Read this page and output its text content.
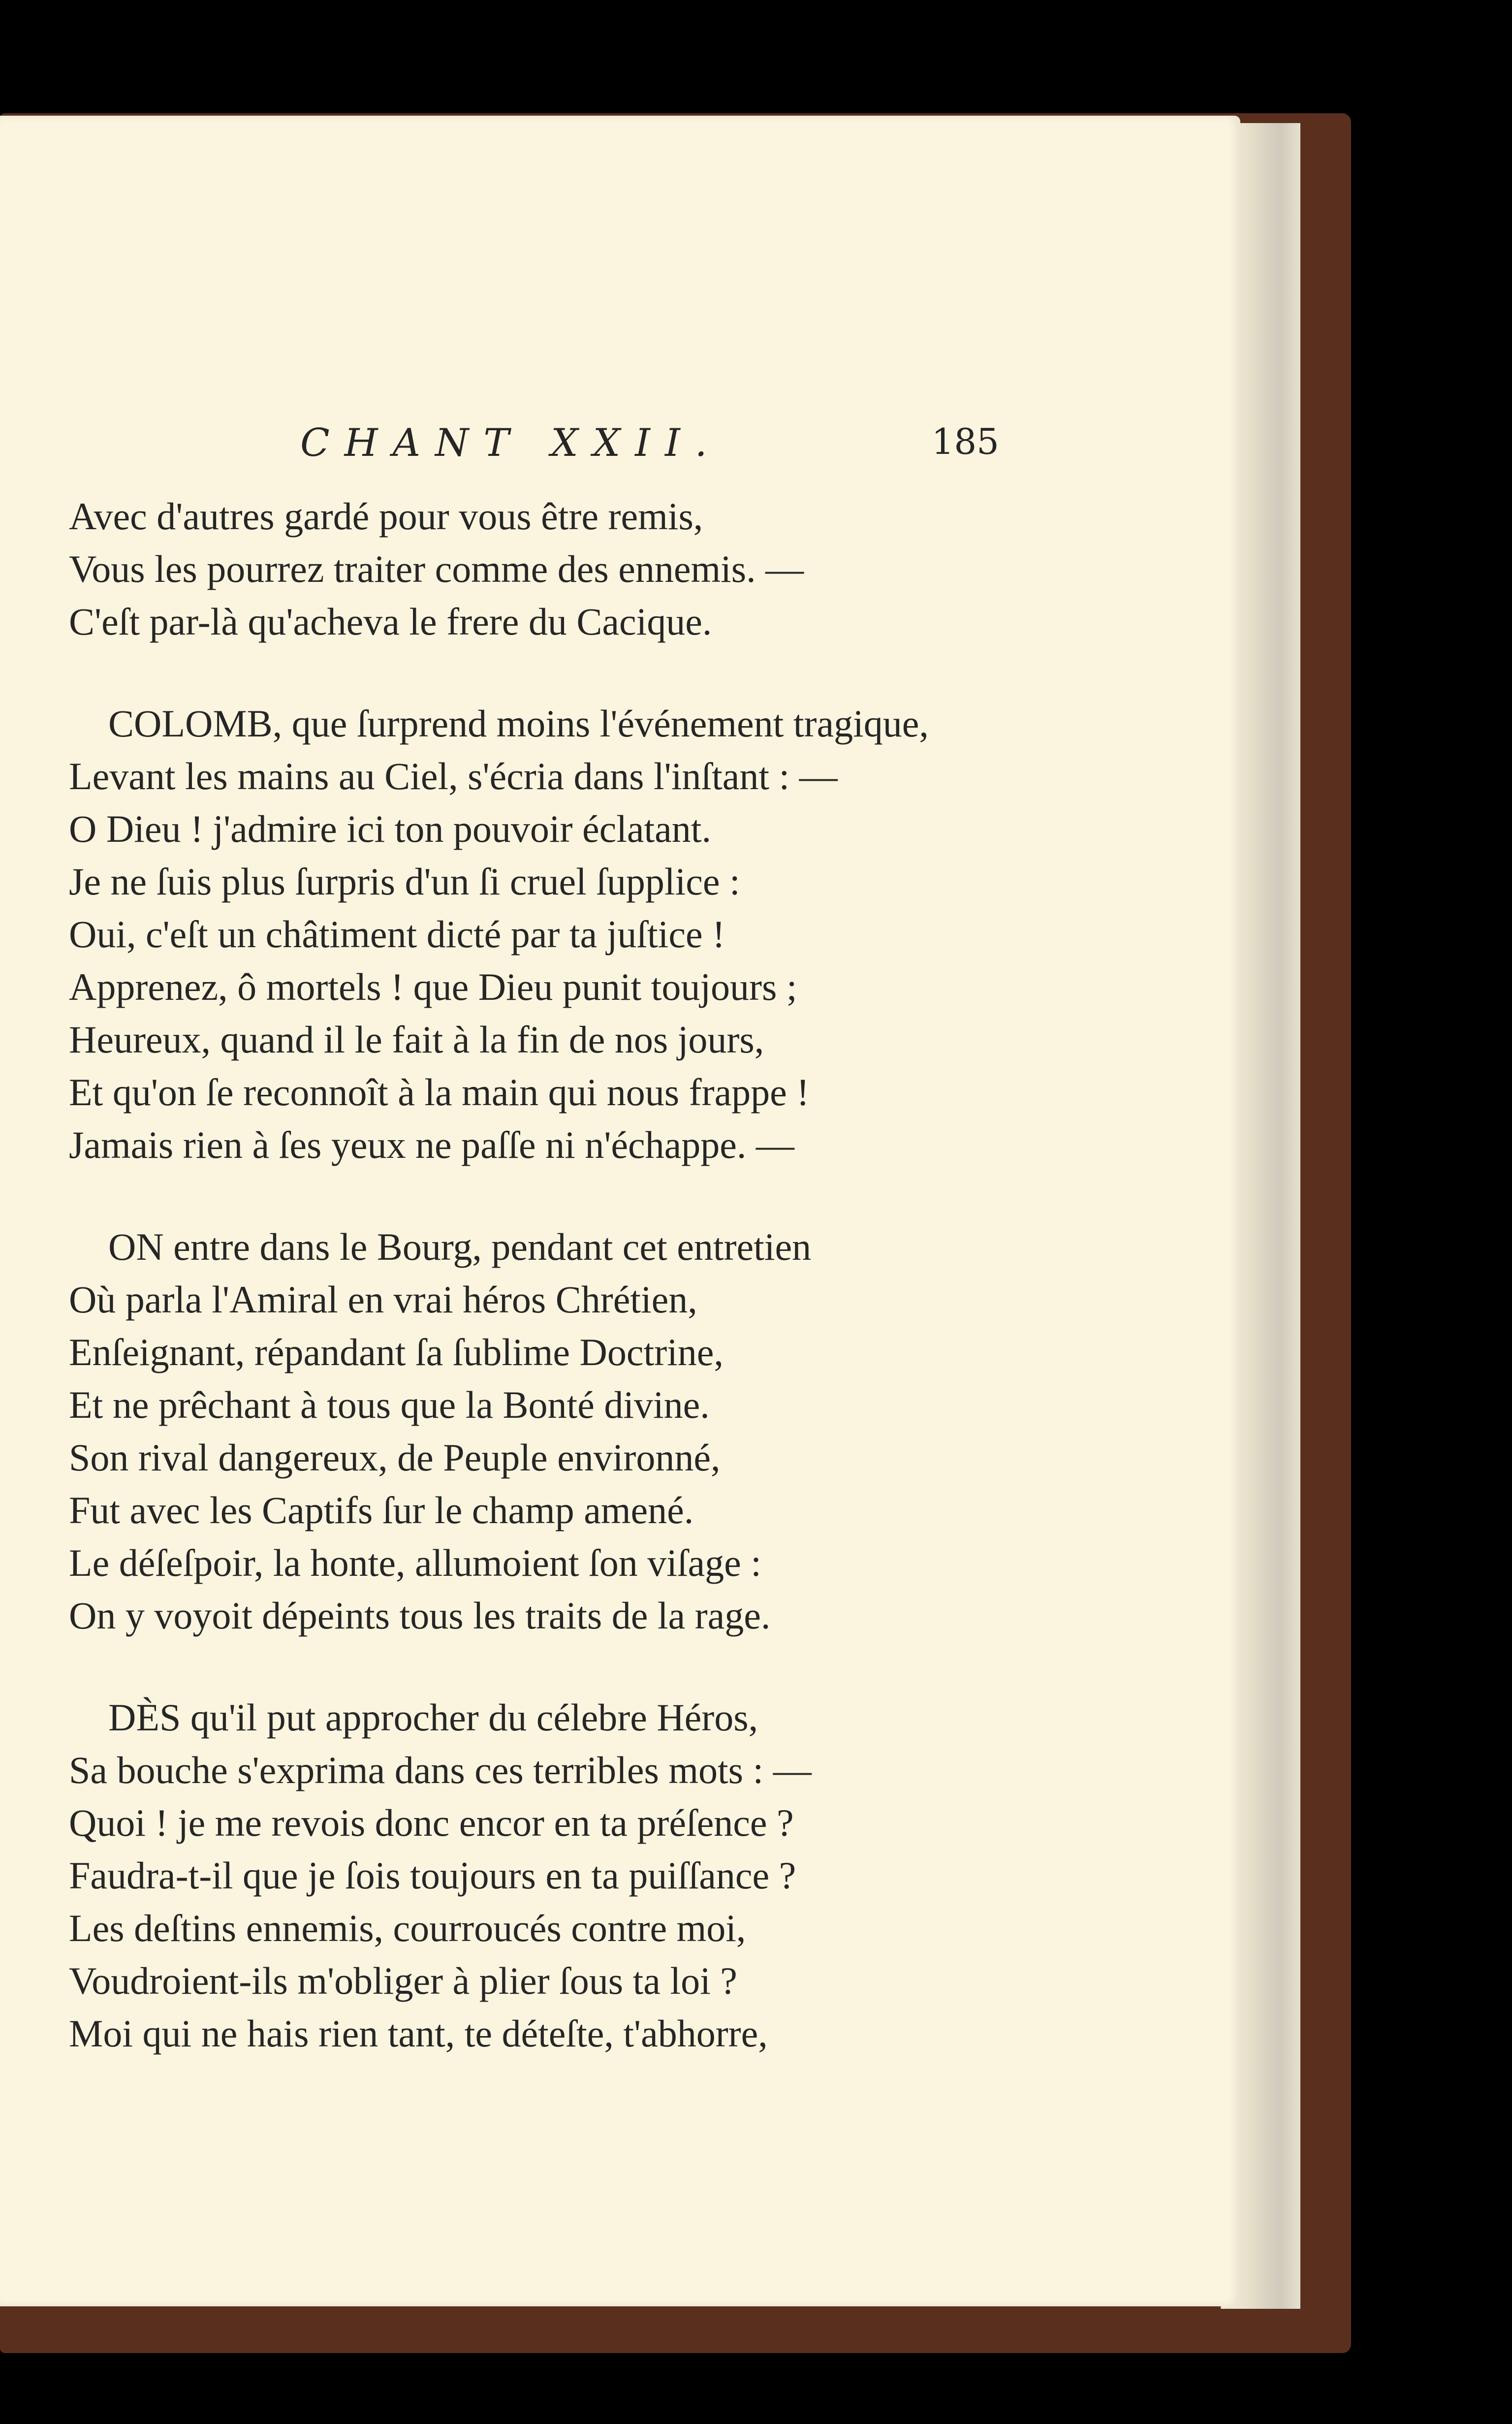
CHANT XXII.	185
Avec d'autres gardé pour vous être remis,
Vous les pourrez traiter comme des ennemis. —
C'eſt par-là qu'acheva le frere du Cacique.
COLOMB, que ſurprend moins l'événement tragique,
Levant les mains au Ciel, s'écria dans l'inſtant : —
O Dieu ! j'admire ici ton pouvoir éclatant.
Je ne ſuis plus ſurpris d'un ſi cruel ſupplice :
Oui, c'eſt un châtiment dicté par ta juſtice !
Apprenez, ô mortels ! que Dieu punit toujours ;
Heureux, quand il le fait à la fin de nos jours,
Et qu'on ſe reconnoît à la main qui nous frappe !
Jamais rien à ſes yeux ne paſſe ni n'échappe. —
ON entre dans le Bourg, pendant cet entretien
Où parla l'Amiral en vrai héros Chrétien,
Enſeignant, répandant ſa ſublime Doctrine,
Et ne prêchant à tous que la Bonté divine.
Son rival dangereux, de Peuple environné,
Fut avec les Captifs ſur le champ amené.
Le déſeſpoir, la honte, allumoient ſon viſage :
On y voyoit dépeints tous les traits de la rage.
DÈS qu'il put approcher du célebre Héros,
Sa bouche s'exprima dans ces terribles mots : —
Quoi ! je me revois donc encor en ta préſence ?
Faudra-t-il que je ſois toujours en ta puiſſance ?
Les deſtins ennemis, courroucés contre moi,
Voudroient-ils m'obliger à plier ſous ta loi ?
Moi qui ne hais rien tant, te déteſte, t'abhorre,
